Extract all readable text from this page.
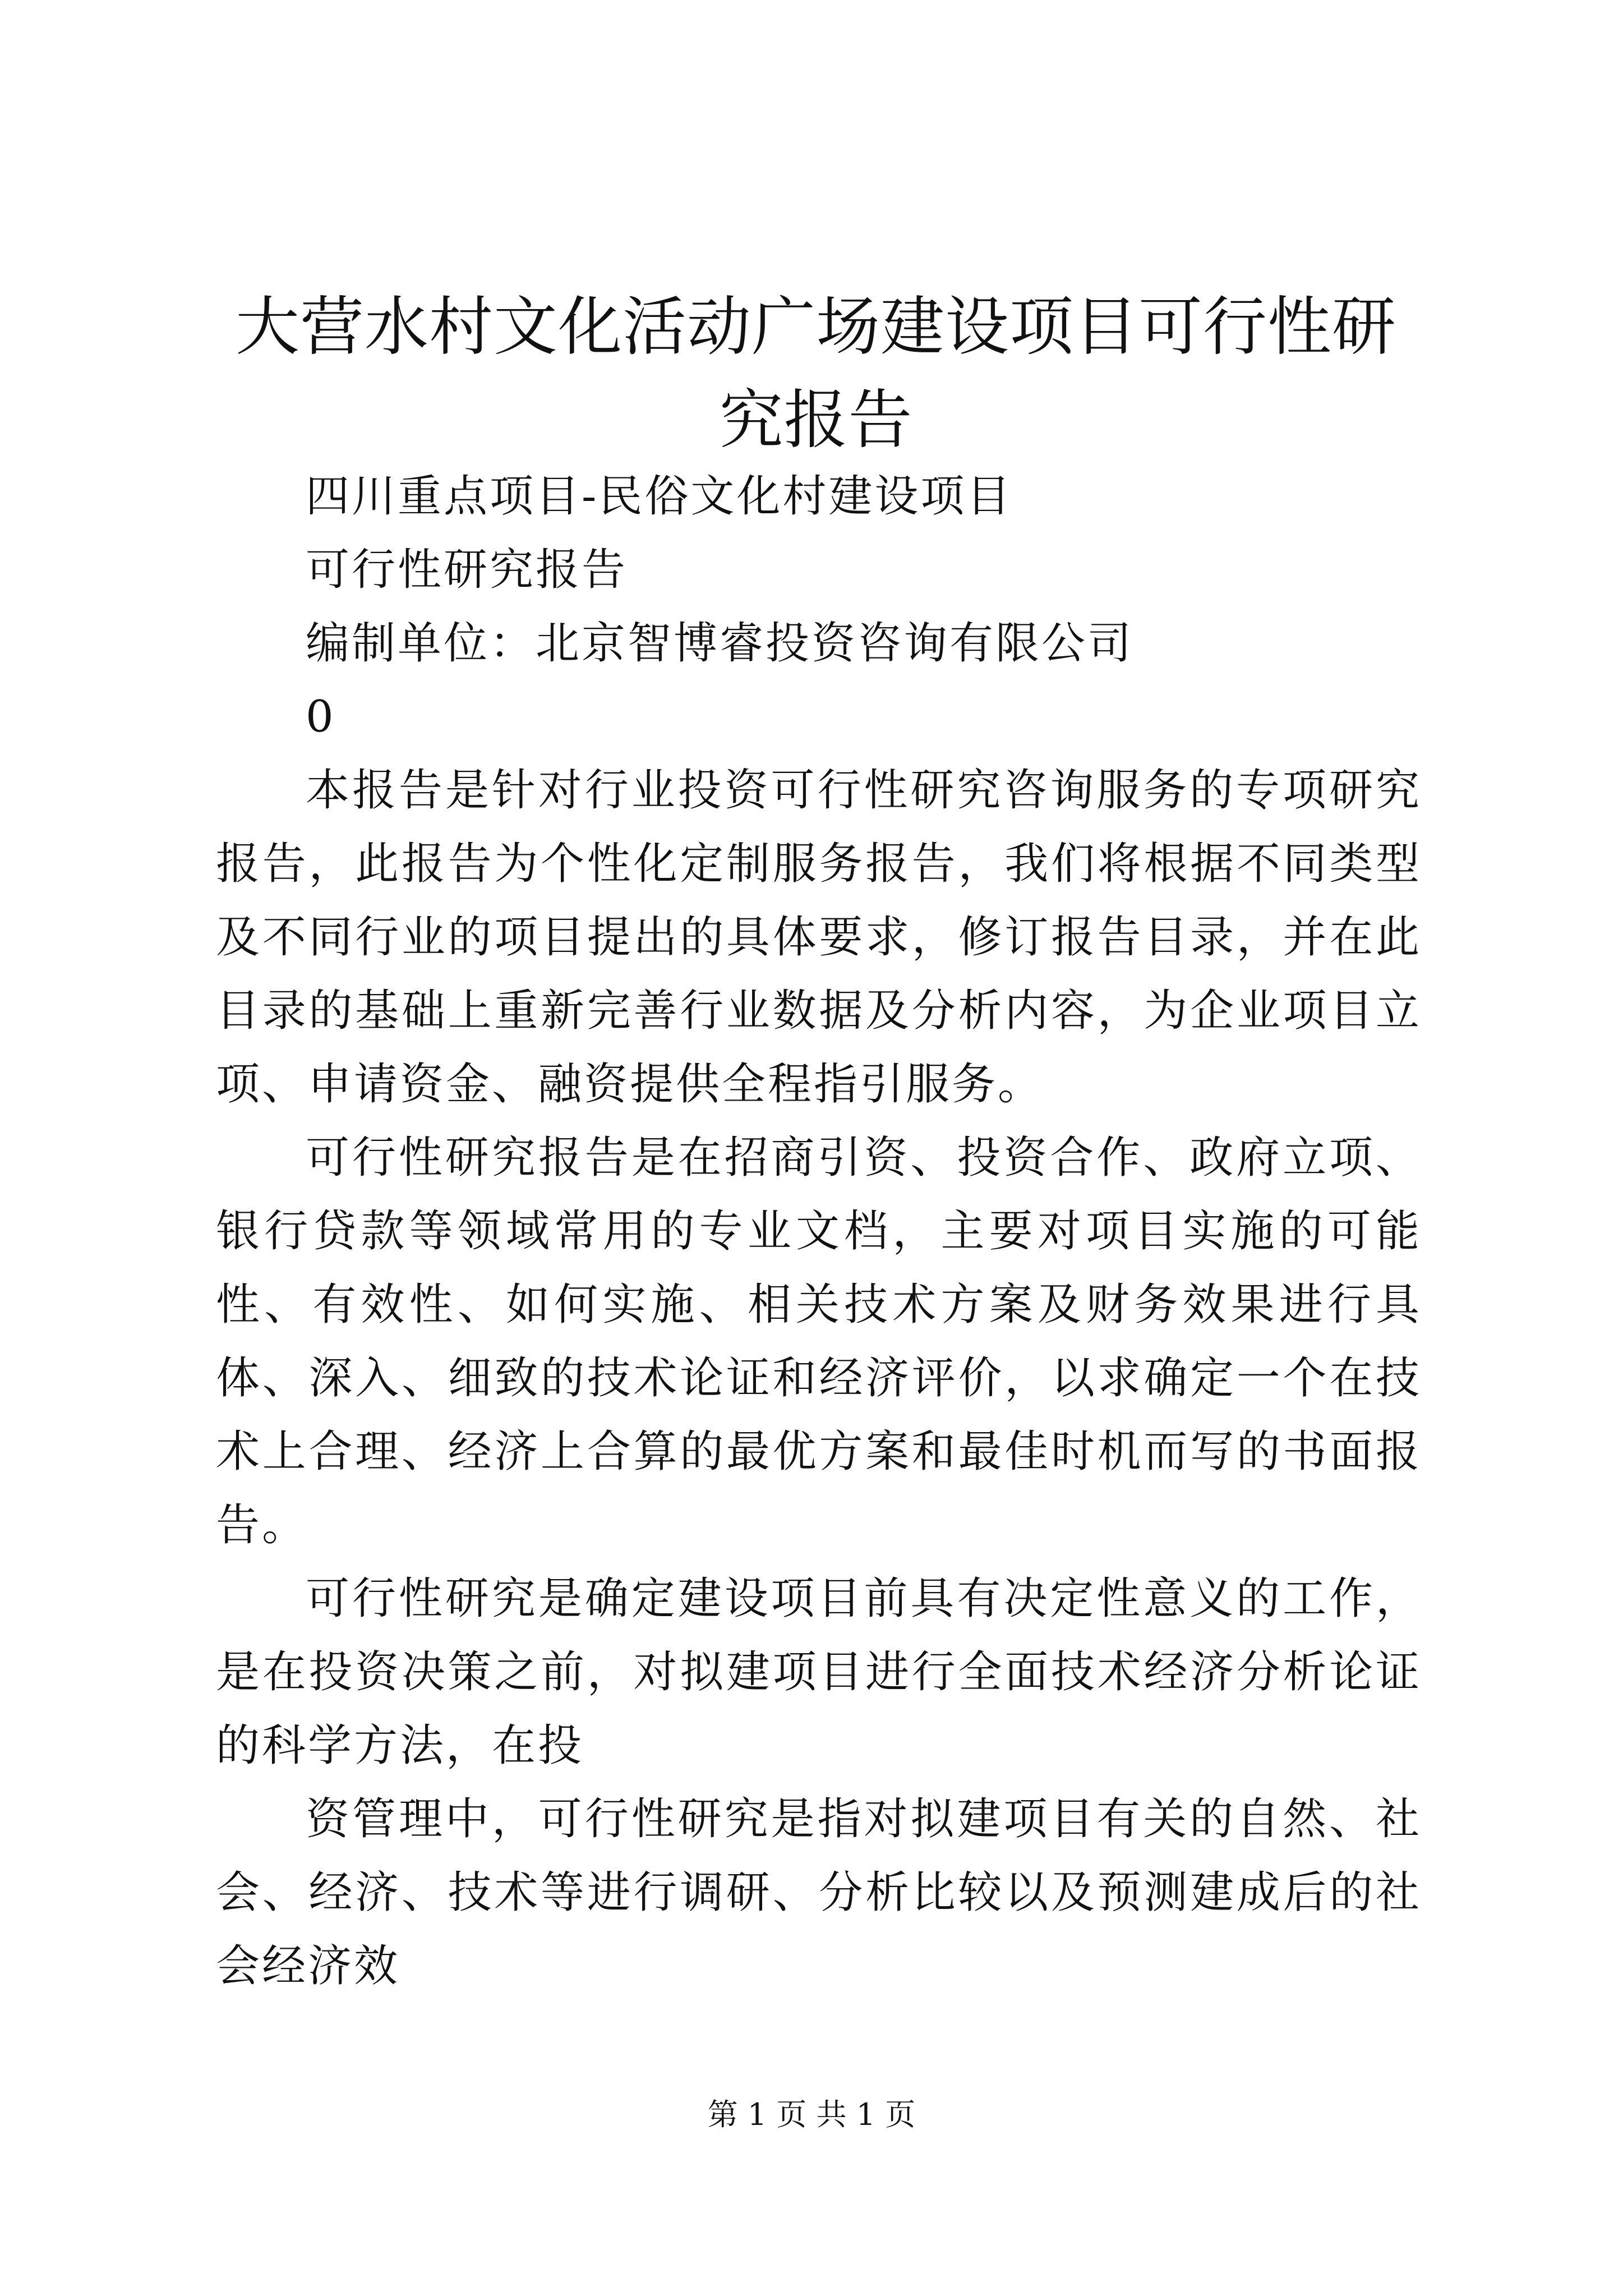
大营水村文化活动广场建设项目可行性研究报告

四川重点项目-民俗文化村建设项目

可行性研究报告

编制单位：北京智博睿投资咨询有限公司

0

本报告是针对行业投资可行性研究咨询服务的专项研究报告，此报告为个性化定制服务报告，我们将根据不同类型及不同行业的项目提出的具体要求，修订报告目录，并在此目录的基础上重新完善行业数据及分析内容，为企业项目立项、申请资金、融资提供全程指引服务。

可行性研究报告是在招商引资、投资合作、政府立项、银行贷款等领域常用的专业文档，主要对项目实施的可能性、有效性、如何实施、相关技术方案及财务效果进行具体、深入、细致的技术论证和经济评价，以求确定一个在技术上合理、经济上合算的最优方案和最佳时机而写的书面报告。

可行性研究是确定建设项目前具有决定性意义的工作，是在投资决策之前，对拟建项目进行全面技术经济分析论证的科学方法，在投

资管理中，可行性研究是指对拟建项目有关的自然、社会、经济、技术等进行调研、分析比较以及预测建成后的社会经济效

第 1 页 共 1 页
